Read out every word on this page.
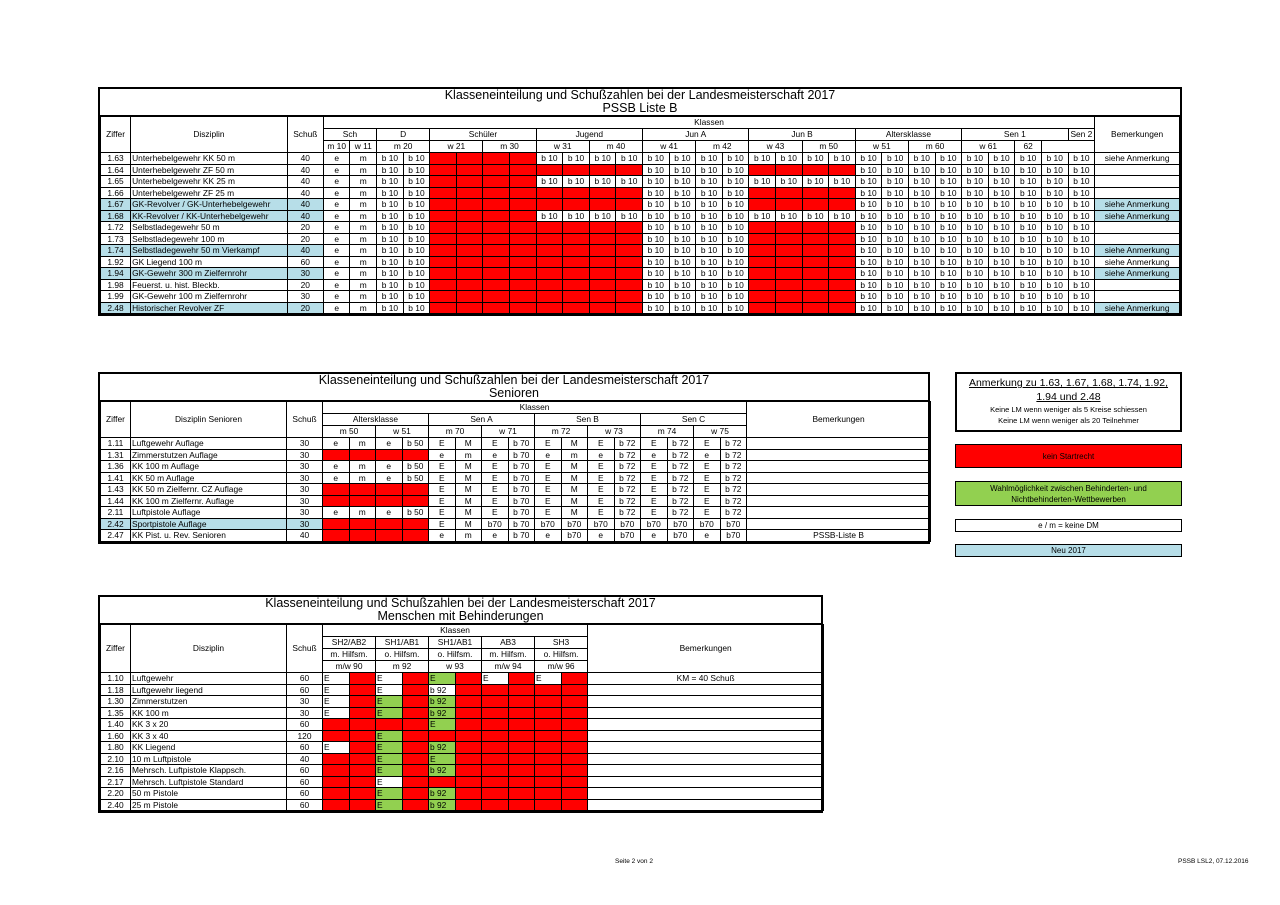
Klasseneinteilung und Schußzahlen bei der Landesmeisterschaft 2017
PSSB Liste B
Ziffer	Disziplin	Schuß	Klassen																													Bemerkungen
			Sch		D		Schüler				Jugend				Jun A				Jun B				Altersklasse				Sen 1				Sen 2	
			m 10	w 11	m 20		w 21		m 30		w 31		m 40		w 41		m 42		w 43		m 50		w 51		m 60		w 61		62			
1.63	Unterhebelgewehr KK 50 m	40	e	m	b 10	b 10					b 10	b 10	b 10	b 10	b 10	b 10	b 10	b 10	b 10	b 10	b 10	b 10	b 10	b 10	b 10	b 10	b 10	b 10	b 10	b 10	b 10	siehe Anmerkung
1.64	Unterhebelgewehr ZF 50 m	40	e	m	b 10	b 10									b 10	b 10	b 10	b 10					b 10	b 10	b 10	b 10	b 10	b 10	b 10	b 10	b 10	
1.65	Unterhebelgewehr KK 25 m	40	e	m	b 10	b 10					b 10	b 10	b 10	b 10	b 10	b 10	b 10	b 10	b 10	b 10	b 10	b 10	b 10	b 10	b 10	b 10	b 10	b 10	b 10	b 10	b 10	
1.66	Unterhebelgewehr ZF 25 m	40	e	m	b 10	b 10									b 10	b 10	b 10	b 10					b 10	b 10	b 10	b 10	b 10	b 10	b 10	b 10	b 10	
1.67	GK-Revolver / GK-Unterhebelgewehr	40	e	m	b 10	b 10									b 10	b 10	b 10	b 10					b 10	b 10	b 10	b 10	b 10	b 10	b 10	b 10	b 10	siehe Anmerkung
1.68	KK-Revolver / KK-Unterhebelgewehr	40	e	m	b 10	b 10					b 10	b 10	b 10	b 10	b 10	b 10	b 10	b 10	b 10	b 10	b 10	b 10	b 10	b 10	b 10	b 10	b 10	b 10	b 10	b 10	b 10	siehe Anmerkung
1.72	Selbstladegewehr 50 m	20	e	m	b 10	b 10									b 10	b 10	b 10	b 10					b 10	b 10	b 10	b 10	b 10	b 10	b 10	b 10	b 10	
1.73	Selbstladegewehr 100 m	20	e	m	b 10	b 10									b 10	b 10	b 10	b 10					b 10	b 10	b 10	b 10	b 10	b 10	b 10	b 10	b 10	
1.74	Selbstladegewehr 50 m Vierkampf	40	e	m	b 10	b 10									b 10	b 10	b 10	b 10					b 10	b 10	b 10	b 10	b 10	b 10	b 10	b 10	b 10	siehe Anmerkung
1.92	GK Liegend 100 m	60	e	m	b 10	b 10									b 10	b 10	b 10	b 10					b 10	b 10	b 10	b 10	b 10	b 10	b 10	b 10	b 10	siehe Anmerkung
1.94	GK-Gewehr 300 m Zielfernrohr	30	e	m	b 10	b 10									b 10	b 10	b 10	b 10					b 10	b 10	b 10	b 10	b 10	b 10	b 10	b 10	b 10	siehe Anmerkung
1.98	Feuerst. u. hist. Bleckb.	20	e	m	b 10	b 10									b 10	b 10	b 10	b 10					b 10	b 10	b 10	b 10	b 10	b 10	b 10	b 10	b 10	
1.99	GK-Gewehr 100 m Zielfernrohr	30	e	m	b 10	b 10									b 10	b 10	b 10	b 10					b 10	b 10	b 10	b 10	b 10	b 10	b 10	b 10	b 10	
2.48	Historischer Revolver ZF	20	e	m	b 10	b 10									b 10	b 10	b 10	b 10					b 10	b 10	b 10	b 10	b 10	b 10	b 10	b 10	b 10	siehe Anmerkung
Klasseneinteilung und Schußzahlen bei der Landesmeisterschaft 2017
Senioren
Ziffer	Disziplin Senioren	Schuß	Klassen																Bemerkungen
			Altersklasse				Sen A				Sen B				Sen C				
			m 50		w 51		m 70		w 71		m 72		w 73		m 74		w 75		
1.11	Luftgewehr Auflage	30	e	m	e	b 50	E	M	E	b 70	E	M	E	b 72	E	b 72	E	b 72	
1.31	Zimmerstutzen Auflage	30					e	m	e	b 70	e	m	e	b 72	e	b 72	e	b 72	
1.36	KK 100 m Auflage	30	e	m	e	b 50	E	M	E	b 70	E	M	E	b 72	E	b 72	E	b 72	
1.41	KK 50 m Auflage	30	e	m	e	b 50	E	M	E	b 70	E	M	E	b 72	E	b 72	E	b 72	
1.43	KK 50 m Zielfernr. CZ Auflage	30					E	M	E	b 70	E	M	E	b 72	E	b 72	E	b 72	
1.44	KK 100 m Zielfernr. Auflage	30					E	M	E	b 70	E	M	E	b 72	E	b 72	E	b 72	
2.11	Luftpistole Auflage	30	e	m	e	b 50	E	M	E	b 70	E	M	E	b 72	E	b 72	E	b 72	
2.42	Sportpistole Auflage	30					E	M	b70	b 70	b70	b70	b70	b70	b70	b70	b70	b70	
2.47	KK Pist. u. Rev. Senioren	40					e	m	e	b 70	e	b70	e	b70	e	b70	e	b70	PSSB-Liste B
Klasseneinteilung und Schußzahlen bei der Landesmeisterschaft 2017
Menschen mit Behinderungen
Ziffer	Disziplin	Schuß	Klassen										Bemerkungen
			SH2/AB2		SH1/AB1		SH1/AB1		AB3		SH3		
			m. Hilfsm.		o. Hilfsm.		o. Hilfsm.		m. Hilfsm.		o. Hilfsm.		
			m/w 90		m 92		w 93		m/w 94		m/w 96		
1.10	Luftgewehr	60	E		E		E		E		E		KM = 40 Schuß
1.18	Luftgewehr liegend	60	E		E		b 92						
1.30	Zimmerstutzen	30	E		E		b 92						
1.35	KK 100 m	30	E		E		b 92						
1.40	KK 3 x 20	60					E						
1.60	KK 3 x 40	120			E								
1.80	KK Liegend	60	E		E		b 92						
2.10	10 m Luftpistole	40			E		E						
2.16	Mehrsch. Luftpistole Klappsch.	60			E		b 92						
2.17	Mehrsch. Luftpistole Standard	60			E								
2.20	50 m Pistole	60			E		b 92						
2.40	25 m Pistole	60			E		b 92						
Anmerkung zu 1.63, 1.67, 1.68, 1.74, 1.92, 1.94 und 2.48
Keine LM wenn weniger als 5 Kreise schiessen
Keine LM wenn weniger als 20 Teilnehmer
kein Startrecht
Wahlmöglichkeit zwischen Behinderten- und Nichtbehinderten-Wettbewerben
e / m = keine DM
Neu 2017
Seite 2 von 2	PSSB LSL2, 07.12.2016
